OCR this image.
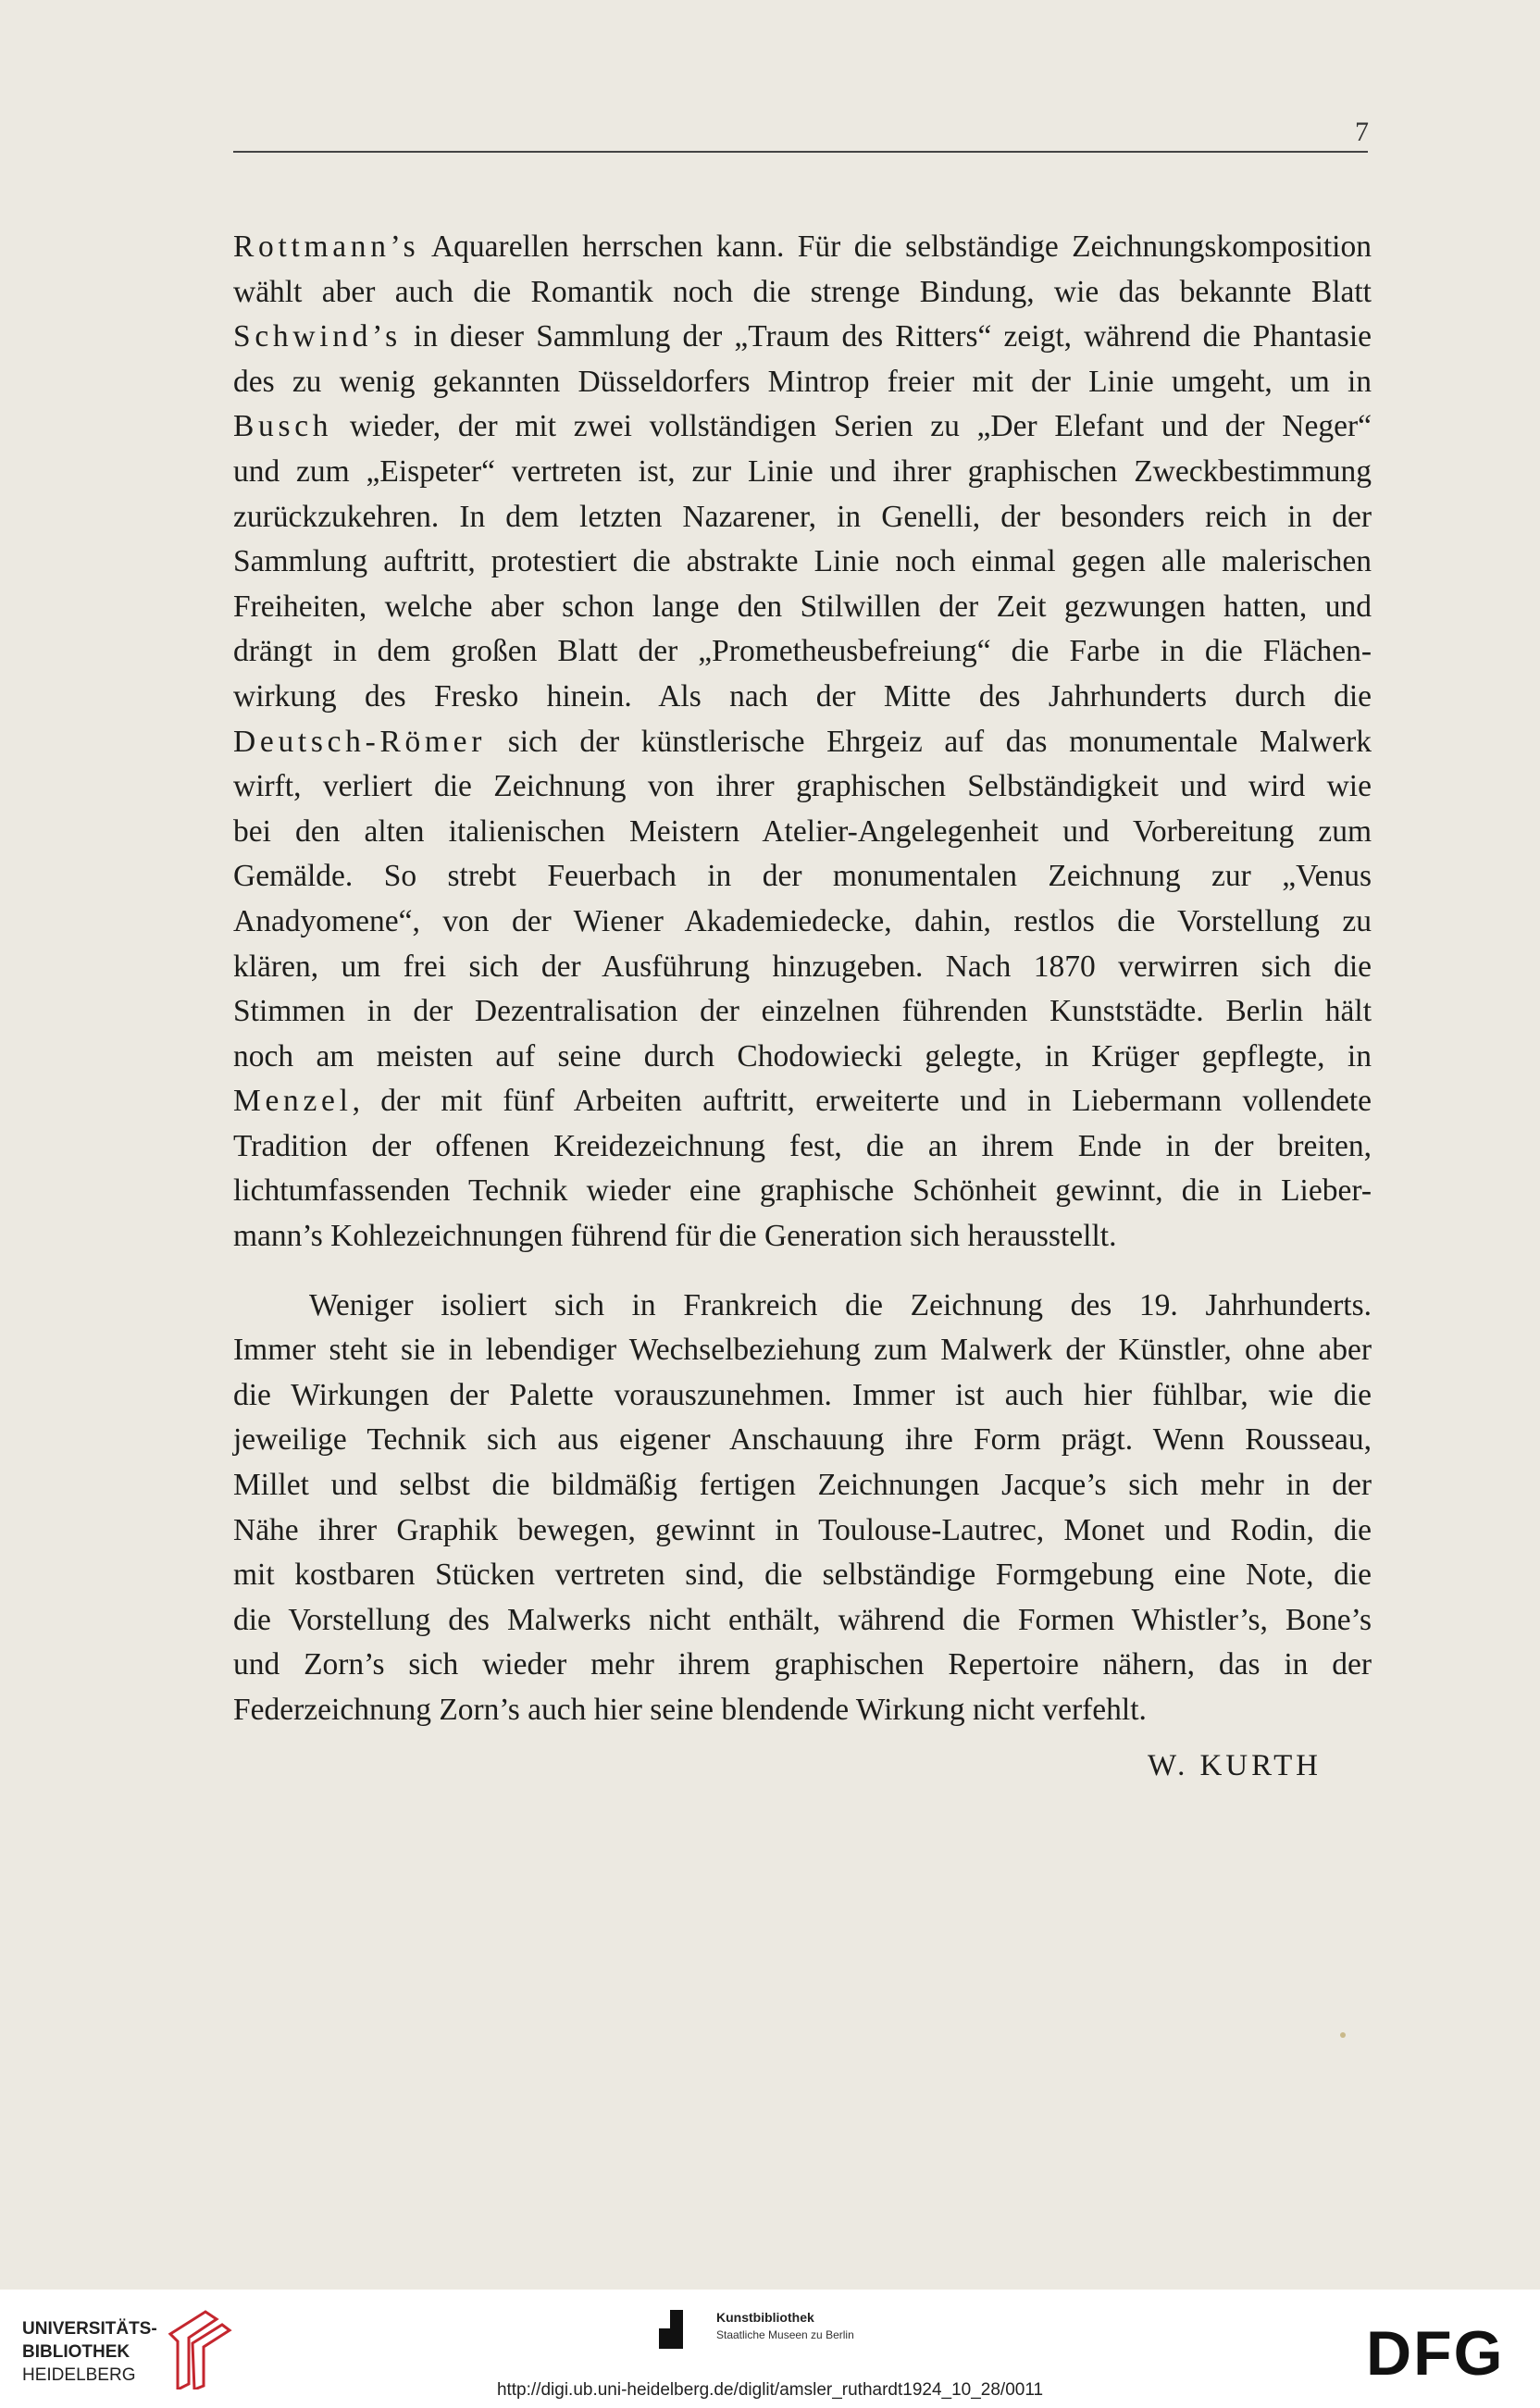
7
Rottmann’s Aquarellen herrschen kann. Für die selbständige Zeichnungskomposition
wählt aber auch die Romantik noch die strenge Bindung, wie das bekannte Blatt
Schwind’s in dieser Sammlung der „Traum des Ritters“ zeigt, während die Phantasie
des zu wenig gekannten Düsseldorfers Mintrop freier mit der Linie umgeht, um in
Busch wieder, der mit zwei vollständigen Serien zu „Der Elefant und der Neger“
und zum „Eispeter“ vertreten ist, zur Linie und ihrer graphischen Zweckbestimmung
zurückzukehren. In dem letzten Nazarener, in Genelli, der besonders reich in der
Sammlung auftritt, protestiert die abstrakte Linie noch einmal gegen alle malerischen
Freiheiten, welche aber schon lange den Stilwillen der Zeit gezwungen hatten, und
drängt in dem großen Blatt der „Prometheusbefreiung“ die Farbe in die Flächen-
wirkung des Fresko hinein. Als nach der Mitte des Jahrhunderts durch die
Deutsch-Römer sich der künstlerische Ehrgeiz auf das monumentale Malwerk
wirft, verliert die Zeichnung von ihrer graphischen Selbständigkeit und wird wie
bei den alten italienischen Meistern Atelier-Angelegenheit und Vorbereitung zum
Gemälde. So strebt Feuerbach in der monumentalen Zeichnung zur „Venus
Anadyomene“, von der Wiener Akademiedecke, dahin, restlos die Vorstellung zu
klären, um frei sich der Ausführung hinzugeben. Nach 1870 verwirren sich die
Stimmen in der Dezentralisation der einzelnen führenden Kunststädte. Berlin hält
noch am meisten auf seine durch Chodowiecki gelegte, in Krüger gepflegte, in
Menzel, der mit fünf Arbeiten auftritt, erweiterte und in Liebermann vollendete
Tradition der offenen Kreidezeichnung fest, die an ihrem Ende in der breiten,
lichtumfassenden Technik wieder eine graphische Schönheit gewinnt, die in Lieber-
mann’s Kohlezeichnungen führend für die Generation sich herausstellt.
Weniger isoliert sich in Frankreich die Zeichnung des 19. Jahrhunderts.
Immer steht sie in lebendiger Wechselbeziehung zum Malwerk der Künstler, ohne aber
die Wirkungen der Palette vorauszunehmen. Immer ist auch hier fühlbar, wie die
jeweilige Technik sich aus eigener Anschauung ihre Form prägt. Wenn Rousseau,
Millet und selbst die bildmäßig fertigen Zeichnungen Jacque’s sich mehr in der
Nähe ihrer Graphik bewegen, gewinnt in Toulouse-Lautrec, Monet und Rodin, die
mit kostbaren Stücken vertreten sind, die selbständige Formgebung eine Note, die
die Vorstellung des Malwerks nicht enthält, während die Formen Whistler’s, Bone’s
und Zorn’s sich wieder mehr ihrem graphischen Repertoire nähern, das in der
Federzeichnung Zorn’s auch hier seine blendende Wirkung nicht verfehlt.
W. KURTH
UNIVERSITÄTS-
BIBLIOTHEK
HEIDELBERG
Kunstbibliothek
Staatliche Museen zu Berlin
http://digi.ub.uni-heidelberg.de/diglit/amsler_ruthardt1924_10_28/0011
DFG
